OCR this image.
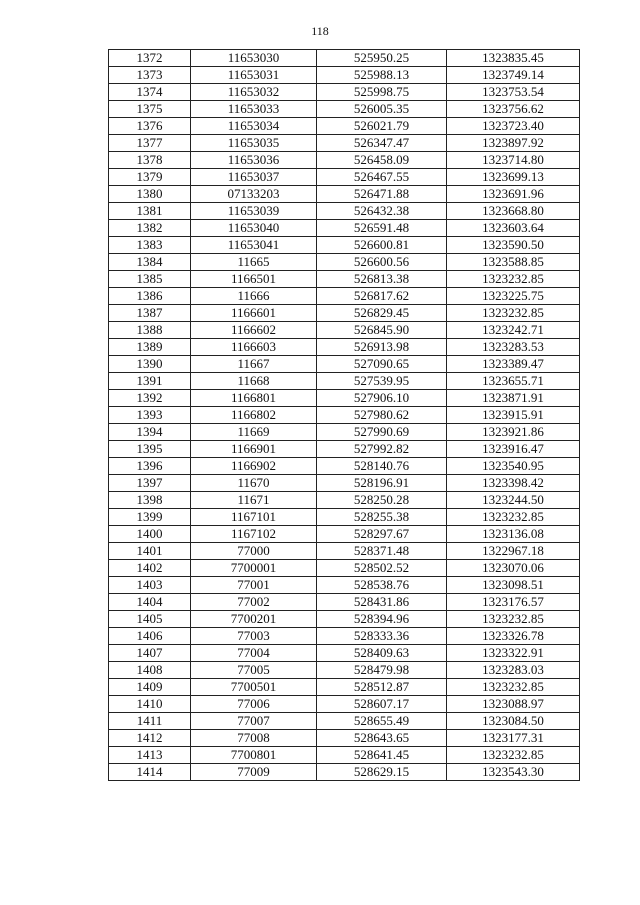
118
1372	11653030	525950.25	1323835.45
1373	11653031	525988.13	1323749.14
1374	11653032	525998.75	1323753.54
1375	11653033	526005.35	1323756.62
1376	11653034	526021.79	1323723.40
1377	11653035	526347.47	1323897.92
1378	11653036	526458.09	1323714.80
1379	11653037	526467.55	1323699.13
1380	07133203	526471.88	1323691.96
1381	11653039	526432.38	1323668.80
1382	11653040	526591.48	1323603.64
1383	11653041	526600.81	1323590.50
1384	11665	526600.56	1323588.85
1385	1166501	526813.38	1323232.85
1386	11666	526817.62	1323225.75
1387	1166601	526829.45	1323232.85
1388	1166602	526845.90	1323242.71
1389	1166603	526913.98	1323283.53
1390	11667	527090.65	1323389.47
1391	11668	527539.95	1323655.71
1392	1166801	527906.10	1323871.91
1393	1166802	527980.62	1323915.91
1394	11669	527990.69	1323921.86
1395	1166901	527992.82	1323916.47
1396	1166902	528140.76	1323540.95
1397	11670	528196.91	1323398.42
1398	11671	528250.28	1323244.50
1399	1167101	528255.38	1323232.85
1400	1167102	528297.67	1323136.08
1401	77000	528371.48	1322967.18
1402	7700001	528502.52	1323070.06
1403	77001	528538.76	1323098.51
1404	77002	528431.86	1323176.57
1405	7700201	528394.96	1323232.85
1406	77003	528333.36	1323326.78
1407	77004	528409.63	1323322.91
1408	77005	528479.98	1323283.03
1409	7700501	528512.87	1323232.85
1410	77006	528607.17	1323088.97
1411	77007	528655.49	1323084.50
1412	77008	528643.65	1323177.31
1413	7700801	528641.45	1323232.85
1414	77009	528629.15	1323543.30
